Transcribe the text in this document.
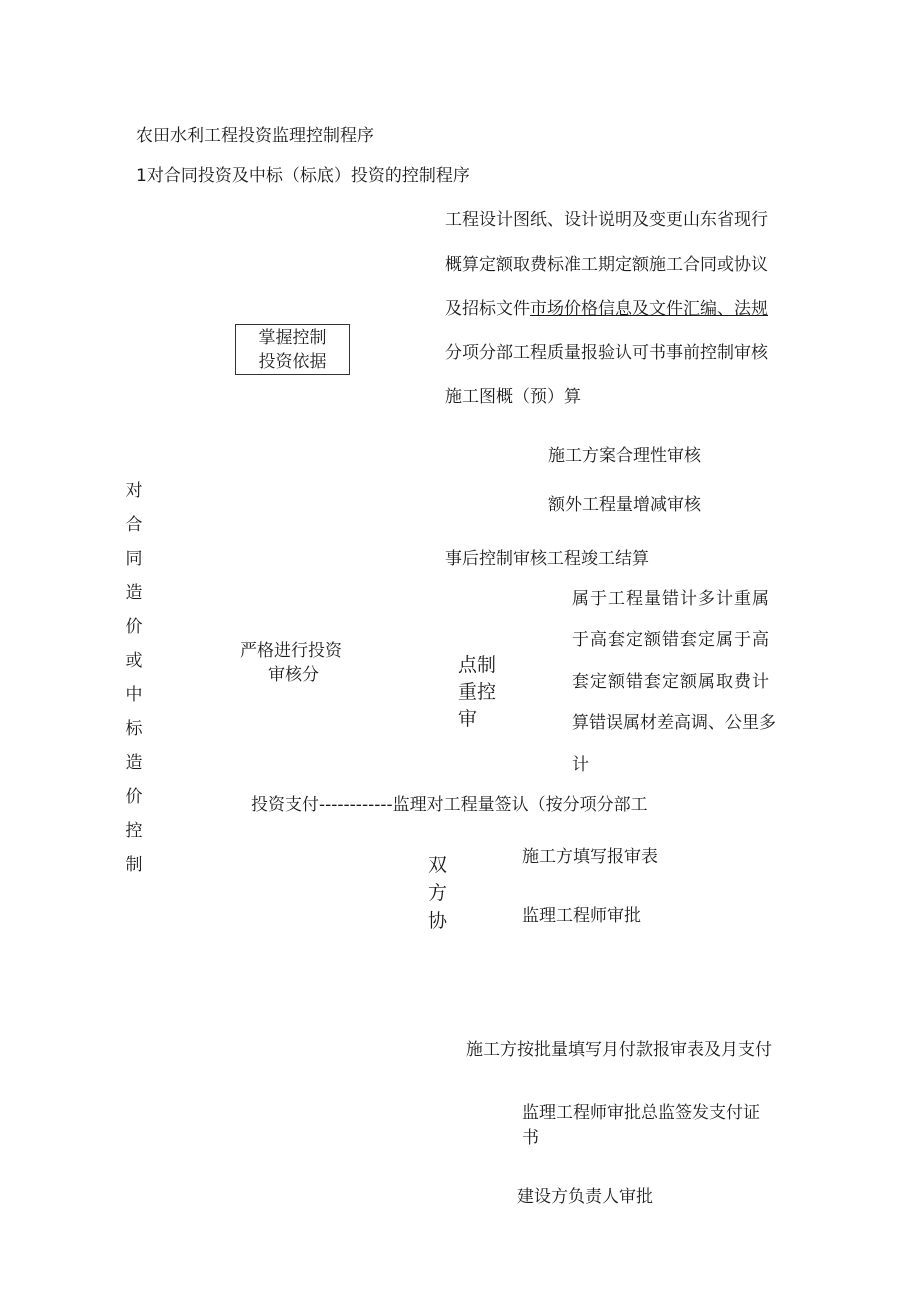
农田水利工程投资监理控制程序
1对合同投资及中标（标底）投资的控制程序
工程设计图纸、设计说明及变更山东省现行
概算定额取费标准工期定额施工合同或协议
及招标文件市场价格信息及文件汇编、法规
分项分部工程质量报验认可书事前控制审核
施工图概（预）算
掌握控制
投资依据
施工方案合理性审核
额外工程量增减审核
事后控制审核工程竣工结算
对
合
同
造
价
或
中
标
造
价
控
制
严格进行投资
审核分	点制
重控
审
属于工程量错计多计重属
于高套定额错套定属于高
套定额错套定额属取费计
算错误属材差高调、公里多
计
投资支付------------监理对工程量签认（按分项分部工
双
方
协
施工方填写报审表
监理工程师审批
施工方按批量填写月付款报审表及月支付
监理工程师审批总监签发支付证
书
建设方负责人审批
